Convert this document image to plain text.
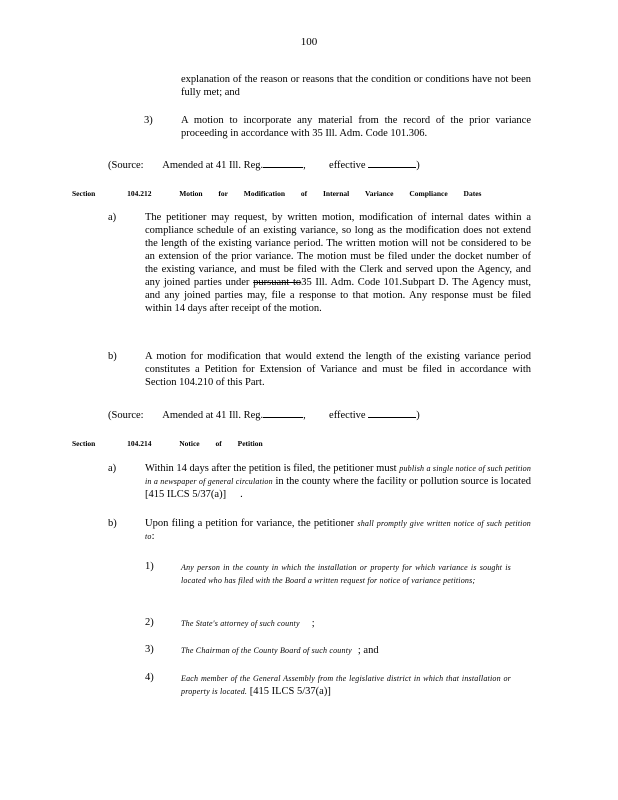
100
explanation of the reason or reasons that the condition or conditions have not been fully met; and
3)	A motion to incorporate any material from the record of the prior variance proceeding in accordance with 35 Ill. Adm. Code 101.306.
(Source: Amended at 41 Ill. Reg.	, effective	)
Section	104.212	Motion for Modification of Internal Variance Compliance Dates
a)	The petitioner may request, by written motion, modification of internal dates within a compliance schedule of an existing variance, so long as the modification does not extend the length of the existing variance period. The written motion will not be considered to be an extension of the prior variance. The motion must be filed under the docket number of the existing variance, and must be filed with the Clerk and served upon the Agency, and any joined parties under pursuant to35 Ill. Adm. Code 101.Subpart D. The Agency must, and any joined parties may, file a response to that motion. Any response must be filed within 14 days after receipt of the motion.
b)	A motion for modification that would extend the length of the existing variance period constitutes a Petition for Extension of Variance and must be filed in accordance with Section 104.210 of this Part.
(Source: Amended at 41 Ill. Reg.	, effective	)
Section	104.214	Notice of Petition
a)	Within 14 days after the petition is filed, the petitioner must publish a single notice of such petition in a newspaper of general circulation in the county where the facility or pollution source is located [415 ILCS 5/37(a)] .
b)	Upon filing a petition for variance, the petitioner shall promptly give written notice of such petition to:
1)	Any person in the county in which the installation or property for which variance is sought is located who has filed with the Board a written request for notice of variance petitions;
2)	The State's attorney of such county ;
3)	The Chairman of the County Board of such county ; and
4)	Each member of the General Assembly from the legislative district in which that installation or property is located. [415 ILCS 5/37(a)]
